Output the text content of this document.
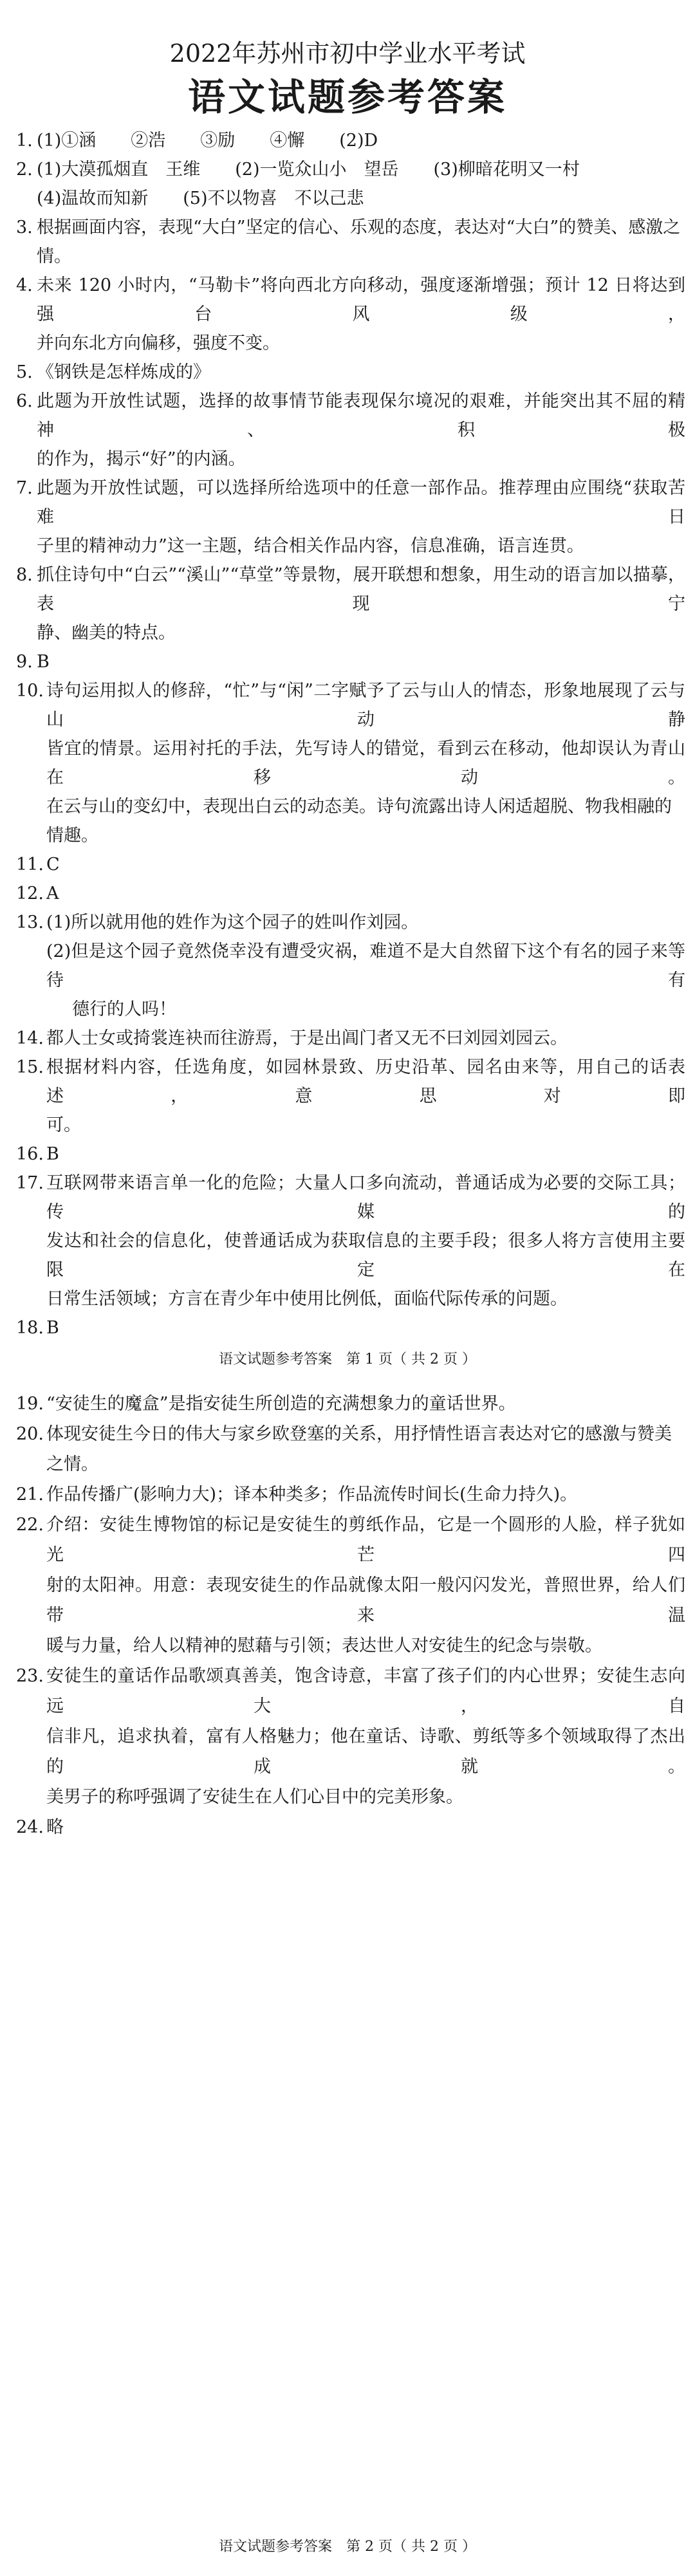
2022年苏州市初中学业水平考试
语文试题参考答案
1. (1)①涵　　②浩　　③励　　④懈　　(2)D
2. (1)大漠孤烟直　王维　　(2)一览众山小　望岳　　(3)柳暗花明又一村
(4)温故而知新　　(5)不以物喜　不以己悲
3. 根据画面内容，表现“大白”坚定的信心、乐观的态度，表达对“大白”的赞美、感激之情。
4. 未来 120 小时内，“马勒卡”将向西北方向移动，强度逐渐增强；预计 12 日将达到强台风级，
并向东北方向偏移，强度不变。
5. 《钢铁是怎样炼成的》
6. 此题为开放性试题，选择的故事情节能表现保尔境况的艰难，并能突出其不屈的精神、积极
的作为，揭示“好”的内涵。
7. 此题为开放性试题，可以选择所给选项中的任意一部作品。推荐理由应围绕“获取苦难日
子里的精神动力”这一主题，结合相关作品内容，信息准确，语言连贯。
8. 抓住诗句中“白云”“溪山”“草堂”等景物，展开联想和想象，用生动的语言加以描摹，表现宁
静、幽美的特点。
9. B
10. 诗句运用拟人的修辞，“忙”与“闲”二字赋予了云与山人的情态，形象地展现了云与山动静
皆宜的情景。运用衬托的手法，先写诗人的错觉，看到云在移动，他却误认为青山在移动。
在云与山的变幻中，表现出白云的动态美。诗句流露出诗人闲适超脱、物我相融的情趣。
11. C
12. A
13. (1)所以就用他的姓作为这个园子的姓叫作刘园。
(2)但是这个园子竟然侥幸没有遭受灾祸，难道不是大自然留下这个有名的园子来等待有
德行的人吗！
14. 都人士女或掎裳连袂而往游焉，于是出阊门者又无不曰刘园刘园云。
15. 根据材料内容，任选角度，如园林景致、历史沿革、园名由来等，用自己的话表述，意思对即
可。
16. B
17. 互联网带来语言单一化的危险；大量人口多向流动，普通话成为必要的交际工具；传媒的
发达和社会的信息化，使普通话成为获取信息的主要手段；很多人将方言使用主要限定在
日常生活领域；方言在青少年中使用比例低，面临代际传承的问题。
18. B
语文试题参考答案　第 1 页（ 共 2 页 ）
19. “安徒生的魔盒”是指安徒生所创造的充满想象力的童话世界。
20. 体现安徒生今日的伟大与家乡欧登塞的关系，用抒情性语言表达对它的感激与赞美之情。
21. 作品传播广(影响力大)；译本种类多；作品流传时间长(生命力持久)。
22. 介绍：安徒生博物馆的标记是安徒生的剪纸作品，它是一个圆形的人脸，样子犹如光芒四
射的太阳神。用意：表现安徒生的作品就像太阳一般闪闪发光，普照世界，给人们带来温
暖与力量，给人以精神的慰藉与引领；表达世人对安徒生的纪念与崇敬。
23. 安徒生的童话作品歌颂真善美，饱含诗意，丰富了孩子们的内心世界；安徒生志向远大，自
信非凡，追求执着，富有人格魅力；他在童话、诗歌、剪纸等多个领域取得了杰出的成就。
美男子的称呼强调了安徒生在人们心目中的完美形象。
24. 略
语文试题参考答案　第 2 页（ 共 2 页 ）
